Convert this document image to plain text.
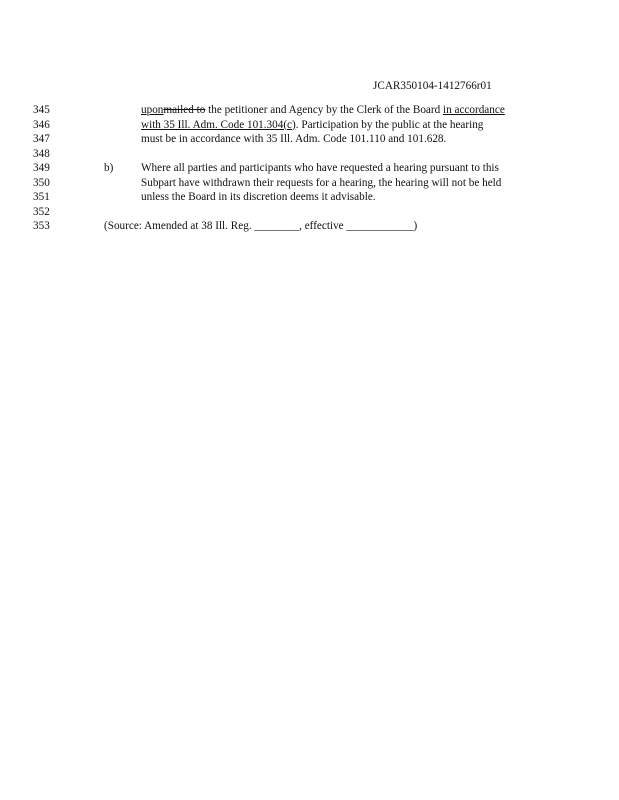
JCAR350104-1412766r01
345	uponmailed to the petitioner and Agency by the Clerk of the Board in accordance
346	with 35 Ill. Adm. Code 101.304(c). Participation by the public at the hearing
347	must be in accordance with 35 Ill. Adm. Code 101.110 and 101.628.
348
349	b) Where all parties and participants who have requested a hearing pursuant to this
350	Subpart have withdrawn their requests for a hearing, the hearing will not be held
351	unless the Board in its discretion deems it advisable.
352
353	(Source: Amended at 38 Ill. Reg. ________, effective ____________)
